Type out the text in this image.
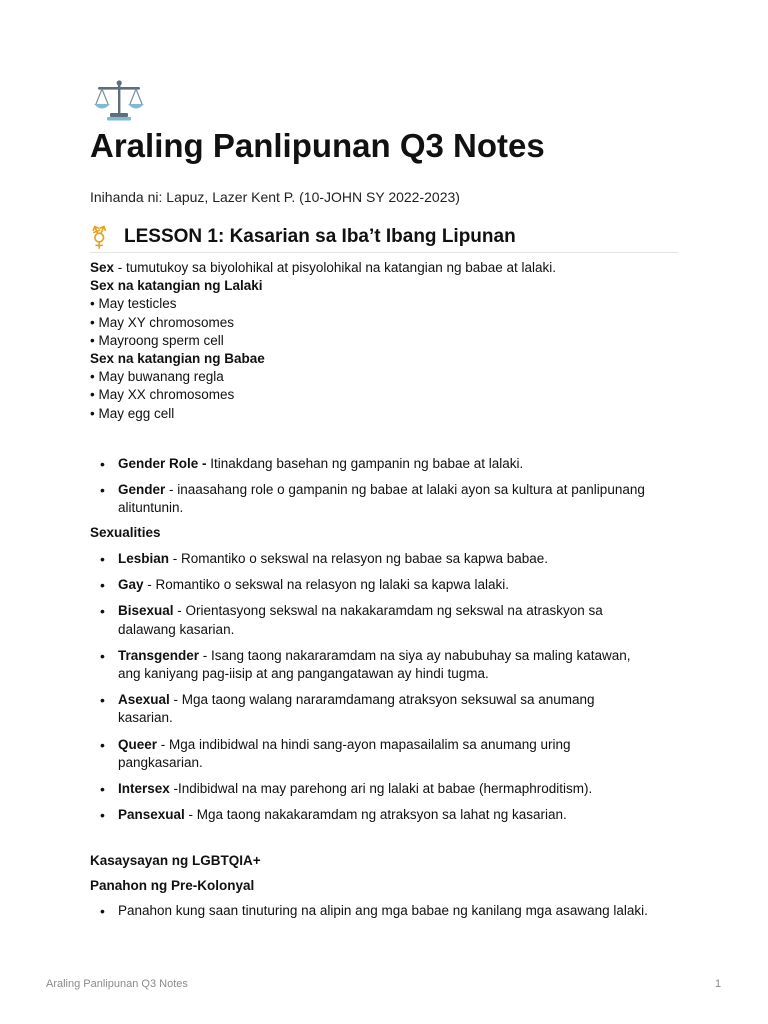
Araling Panlipunan Q3 Notes
Inihanda ni: Lapuz, Lazer Kent P. (10-JOHN SY 2022-2023)
⚧ LESSON 1: Kasarian sa Iba’t Ibang Lipunan
Sex - tumutukoy sa biyolohikal at pisyolohikal na katangian ng babae at lalaki.
Sex na katangian ng Lalaki
• May testicles
• May XY chromosomes
• Mayroong sperm cell
Sex na katangian ng Babae
• May buwanang regla
• May XX chromosomes
• May egg cell
• Gender Role - Itinakdang basehan ng gampanin ng babae at lalaki.
• Gender - inaasahang role o gampanin ng babae at lalaki ayon sa kultura at panlipunang alituntunin.
Sexualities
• Lesbian - Romantiko o sekswal na relasyon ng babae sa kapwa babae.
• Gay - Romantiko o sekswal na relasyon ng lalaki sa kapwa lalaki.
• Bisexual - Orientasyong sekswal na nakakaramdam ng sekswal na atraskyon sa dalawang kasarian.
• Transgender - Isang taong nakararamdam na siya ay nabubuhay sa maling katawan, ang kaniyang pag-iisip at ang pangangatawan ay hindi tugma.
• Asexual - Mga taong walang nararamdamang atraksyon seksuwal sa anumang kasarian.
• Queer - Mga indibidwal na hindi sang-ayon mapasailalim sa anumang uring pangkasarian.
• Intersex -Indibidwal na may parehong ari ng lalaki at babae (hermaphroditism).
• Pansexual - Mga taong nakakaramdam ng atraksyon sa lahat ng kasarian.
Kasaysayan ng LGBTQIA+
Panahon ng Pre-Kolonyal
• Panahon kung saan tinuturing na alipin ang mga babae ng kanilang mga asawang lalaki.
Araling Panlipunan Q3 Notes	1
